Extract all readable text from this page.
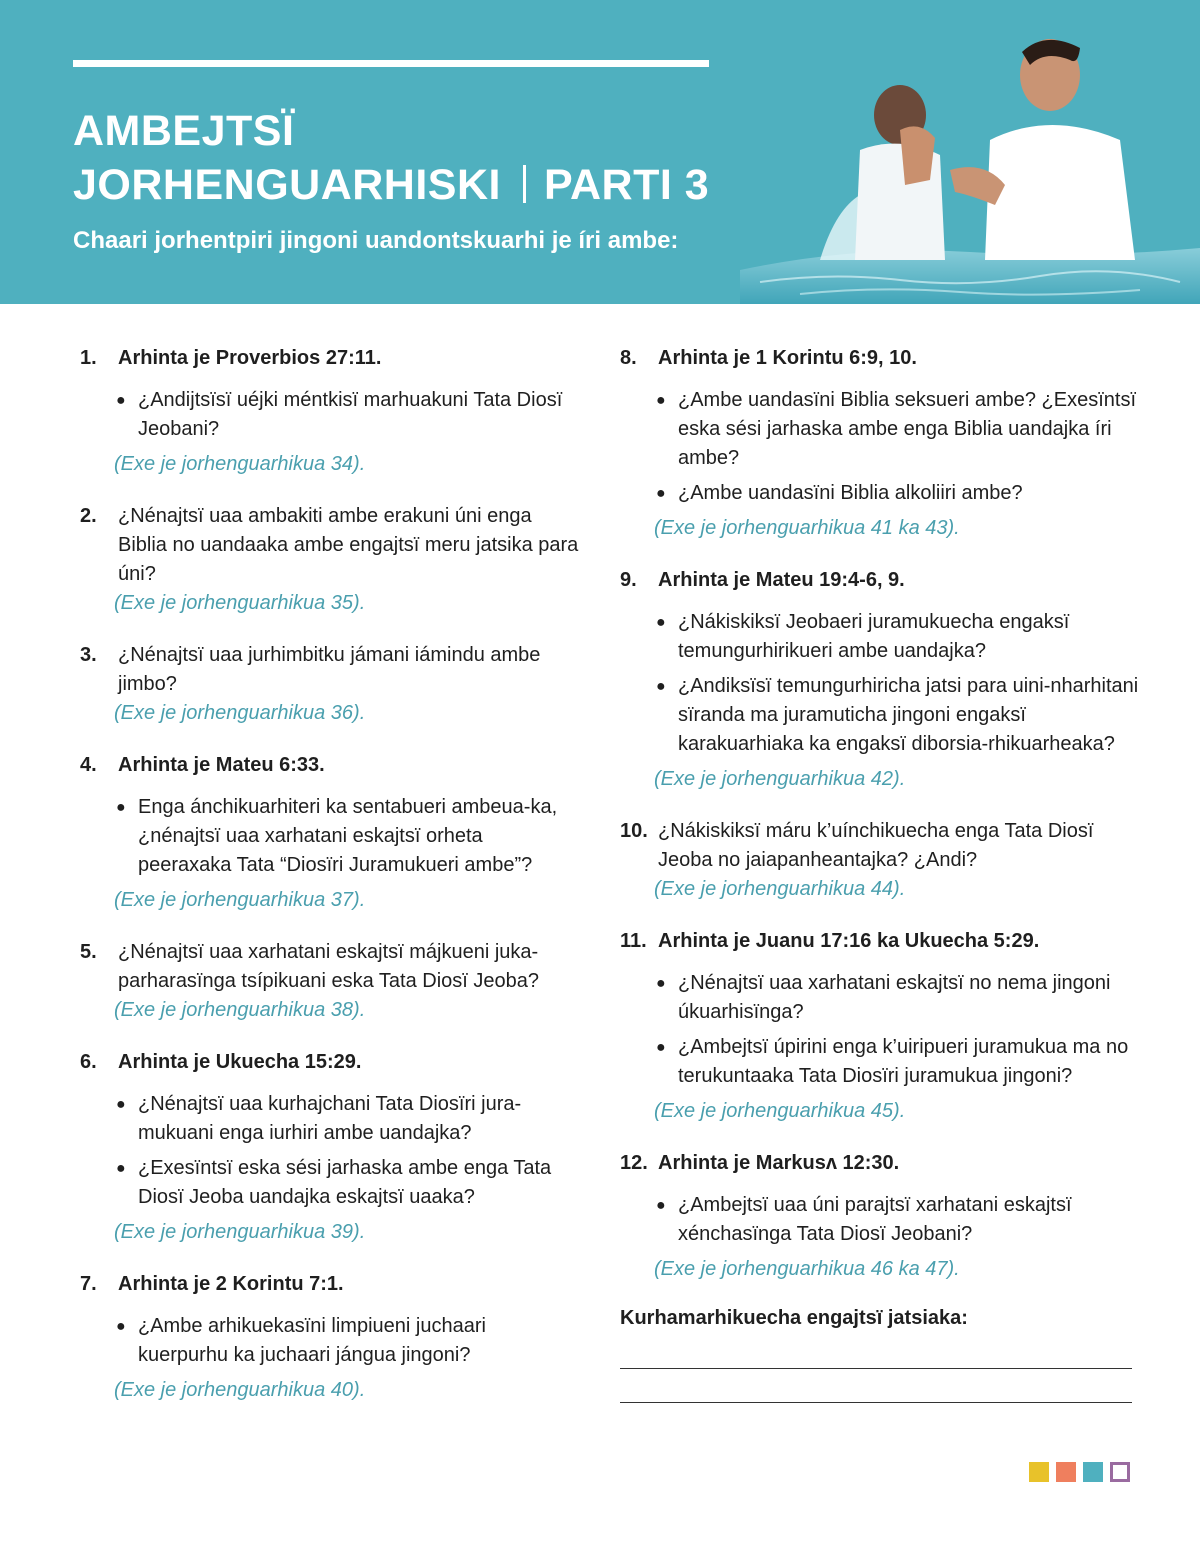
AMBEJTSÏ
JORHENGUARHISKI PARTI 3
Chaari jorhentpiri jingoni uandontskuarhi je íri ambe:
1.	Arhinta je Proverbios 27:11.
● ¿Andijtsïsï uéjki méntkisï marhuakuni Tata Diosï Jeobani?
(Exe je jorhenguarhikua 34).
2.	¿Nénajtsï uaa ambakiti ambe erakuni úni enga Biblia no uandaaka ambe engajtsï meru jatsika para úni?
(Exe je jorhenguarhikua 35).
3.	¿Nénajtsï uaa jurhimbitku jámani iámindu ambe jimbo?
(Exe je jorhenguarhikua 36).
4.	Arhinta je Mateu 6:33.
● Enga ánchikuarhiteri ka sentabueri ambeua-ka, ¿nénajtsï uaa xarhatani eskajtsï orheta peeraxaka Tata “Diosïri Juramukueri ambe”?
(Exe je jorhenguarhikua 37).
5.	¿Nénajtsï uaa xarhatani eskajtsï májkueni juka-parharasïnga tsípikuani eska Tata Diosï Jeoba?
(Exe je jorhenguarhikua 38).
6.	Arhinta je Ukuecha 15:29.
● ¿Nénajtsï uaa kurhajchani Tata Diosïri jura-mukuani enga iurhiri ambe uandajka?
● ¿Exesïntsï eska sési jarhaska ambe enga Tata Diosï Jeoba uandajka eskajtsï uaaka?
(Exe je jorhenguarhikua 39).
7.	Arhinta je 2 Korintu 7:1.
● ¿Ambe arhikuekasïni limpiueni juchaari kuerpurhu ka juchaari jángua jingoni?
(Exe je jorhenguarhikua 40).
8.	Arhinta je 1 Korintu 6:9, 10.
● ¿Ambe uandasïni Biblia seksueri ambe? ¿Exesïntsï eska sési jarhaska ambe enga Biblia uandajka íri ambe?
● ¿Ambe uandasïni Biblia alkoliiri ambe?
(Exe je jorhenguarhikua 41 ka 43).
9.	Arhinta je Mateu 19:4-6, 9.
● ¿Nákiskiksï Jeobaeri juramukuecha engaksï temungurhirikueri ambe uandajka?
● ¿Andiksïsï temungurhiricha jatsi para uini-nharhitani sïranda ma juramuticha jingoni engaksï karakuarhiaka ka engaksï diborsia-rhikuarheaka?
(Exe je jorhenguarhikua 42).
10. ¿Nákiskiksï máru k’uínchikuecha enga Tata Diosï Jeoba no jaiapanheantajka? ¿Andi?
(Exe je jorhenguarhikua 44).
11. Arhinta je Juanu 17:16 ka Ukuecha 5:29.
● ¿Nénajtsï uaa xarhatani eskajtsï no nema jingoni úkuarhisïnga?
● ¿Ambejtsï úpirini enga k’uiripueri juramukua ma no terukuntaaka Tata Diosïri juramukua jingoni?
(Exe je jorhenguarhikua 45).
12. Arhinta je Markusʌ 12:30.
● ¿Ambejtsï uaa úni parajtsï xarhatani eskajtsï xénchasïnga Tata Diosï Jeobani?
(Exe je jorhenguarhikua 46 ka 47).
Kurhamarhikuecha engajtsï jatsiaka:
